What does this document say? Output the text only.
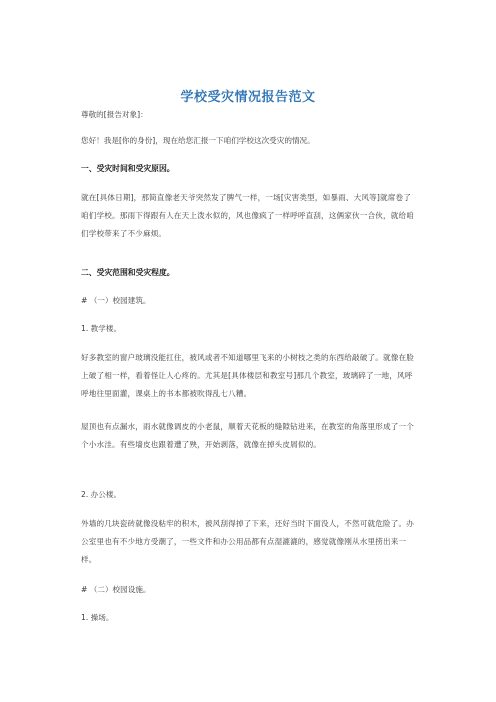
学校受灾情况报告范文
尊敬的[报告对象]：
您好！我是[你的身份]，现在给您汇报一下咱们学校这次受灾的情况。
一、受灾时间和受灾原因。
就在[具体日期]，那简直像老天爷突然发了脾气一样，一场[灾害类型，如暴雨、大风等]就席卷了咱们学校。那雨下得跟有人在天上泼水似的，风也像疯了一样呼呼直刮，这俩家伙一合伙，就给咱们学校带来了不少麻烦。
二、受灾范围和受灾程度。
# （一）校园建筑。
1. 教学楼。
好多教室的窗户玻璃没能扛住，被风或者不知道哪里飞来的小树枝之类的东西给敲破了。就像在脸上破了相一样，看着怪让人心疼的。尤其是[具体楼层和教室号]那几个教室，玻璃碎了一地，风呼呼地往里面灌，课桌上的书本都被吹得乱七八糟。
屋顶也有点漏水，雨水就像调皮的小老鼠，顺着天花板的缝隙钻进来，在教室的角落里形成了一个个小水洼。有些墙皮也跟着遭了殃，开始剥落，就像在掉头皮屑似的。
2. 办公楼。
外墙的几块瓷砖就像没粘牢的积木，被风刮得掉了下来，还好当时下面没人，不然可就危险了。办公室里也有不少地方受潮了，一些文件和办公用品都有点湿漉漉的，感觉就像刚从水里捞出来一样。
# （二）校园设施。
1. 操场。
